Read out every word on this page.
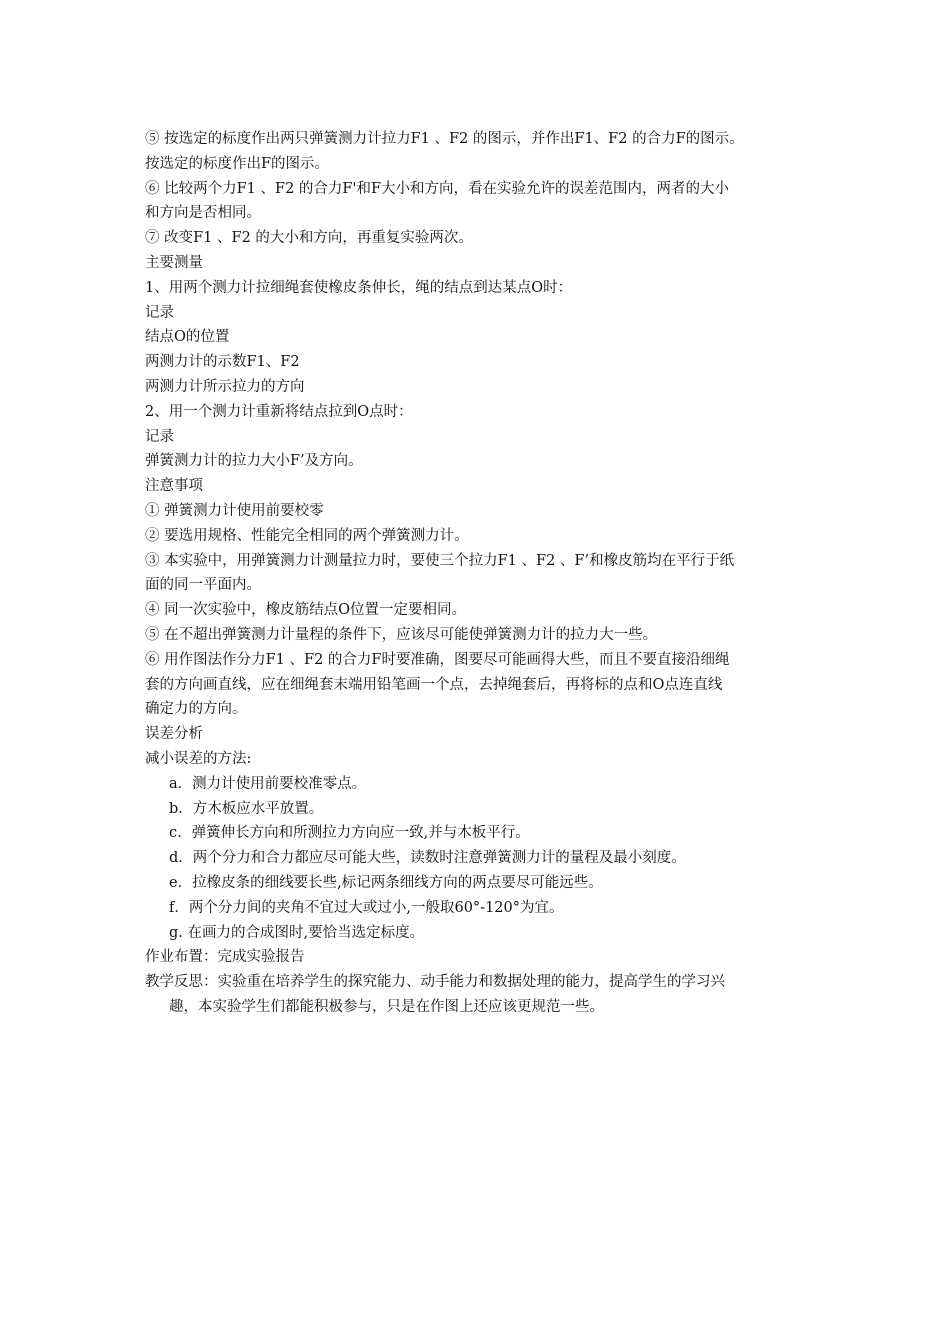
⑤ 按选定的标度作出两只弹簧测力计拉力F1 、F2 的图示，并作出F1、F2 的合力F的图示。
按选定的标度作出F的图示。
⑥ 比较两个力F1 、F2 的合力F'和F大小和方向，看在实验允许的误差范围内，两者的大小
和方向是否相同。
⑦ 改变F1 、F2 的大小和方向，再重复实验两次。
主要测量
1、用两个测力计拉细绳套使橡皮条伸长，绳的结点到达某点O时：
记录
结点O的位置
两测力计的示数F1、F2
两测力计所示拉力的方向
2、用一个测力计重新将结点拉到O点时：
记录
弹簧测力计的拉力大小F’及方向。
注意事项
① 弹簧测力计使用前要校零
② 要选用规格、性能完全相同的两个弹簧测力计。
③ 本实验中，用弹簧测力计测量拉力时，要使三个拉力F1 、F2 、F’和橡皮筋均在平行于纸
面的同一平面内。
④ 同一次实验中，橡皮筋结点O位置一定要相同。
⑤ 在不超出弹簧测力计量程的条件下，应该尽可能使弹簧测力计的拉力大一些。
⑥ 用作图法作分力F1 、F2 的合力F时要准确，图要尽可能画得大些，而且不要直接沿细绳
套的方向画直线，应在细绳套末端用铅笔画一个点，去掉绳套后，再将标的点和O点连直线
确定力的方向。
误差分析
减小误差的方法:
a．测力计使用前要校准零点。
b．方木板应水平放置。
c．弹簧伸长方向和所测拉力方向应一致,并与木板平行。
d．两个分力和合力都应尽可能大些，读数时注意弹簧测力计的量程及最小刻度。
e．拉橡皮条的细线要长些,标记两条细线方向的两点要尽可能远些。
f．两个分力间的夹角不宜过大或过小,一般取60°-120°为宜。
g. 在画力的合成图时,要恰当选定标度。
作业布置：完成实验报告
教学反思：实验重在培养学生的探究能力、动手能力和数据处理的能力，提高学生的学习兴
趣，本实验学生们都能积极参与，只是在作图上还应该更规范一些。
